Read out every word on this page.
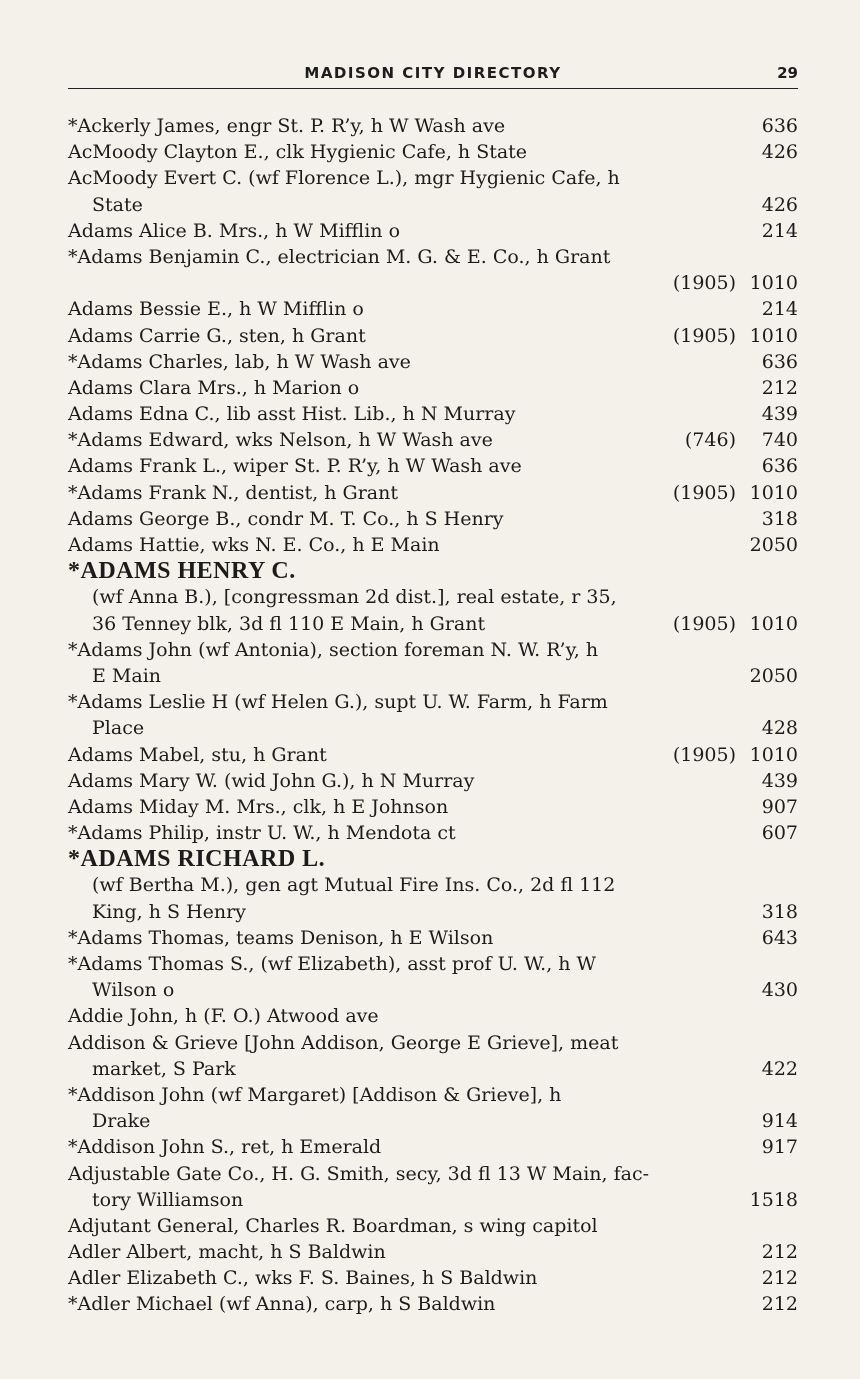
MADISON CITY DIRECTORY	29
*Ackerly James, engr St. P. R’y, h W Wash ave	636
AcMoody Clayton E., clk Hygienic Cafe, h State	426
AcMoody Evert C. (wf Florence L.), mgr Hygienic Cafe, h
State	426
Adams Alice B. Mrs., h W Mifflin o	214
*Adams Benjamin C., electrician M. G. & E. Co., h Grant
(1905) 1010
Adams Bessie E., h W Mifflin o	214
Adams Carrie G., sten, h Grant	(1905) 1010
*Adams Charles, lab, h W Wash ave	636
Adams Clara Mrs., h Marion o	212
Adams Edna C., lib asst Hist. Lib., h N Murray	439
*Adams Edward, wks Nelson, h W Wash ave	(746) 740
Adams Frank L., wiper St. P. R’y, h W Wash ave	636
*Adams Frank N., dentist, h Grant	(1905) 1010
Adams George B., condr M. T. Co., h S Henry	318
Adams Hattie, wks N. E. Co., h E Main	2050
*ADAMS HENRY C.
(wf Anna B.), [congressman 2d dist.], real estate, r 35,
36 Tenney blk, 3d fl 110 E Main, h Grant	(1905) 1010
*Adams John (wf Antonia), section foreman N. W. R’y, h
E Main	2050
*Adams Leslie H (wf Helen G.), supt U. W. Farm, h Farm
Place	428
Adams Mabel, stu, h Grant	(1905) 1010
Adams Mary W. (wid John G.), h N Murray	439
Adams Miday M. Mrs., clk, h E Johnson	907
*Adams Philip, instr U. W., h Mendota ct	607
*ADAMS RICHARD L.
(wf Bertha M.), gen agt Mutual Fire Ins. Co., 2d fl 112
King, h S Henry	318
*Adams Thomas, teams Denison, h E Wilson	643
*Adams Thomas S., (wf Elizabeth), asst prof U. W., h W
Wilson o	430
Addie John, h (F. O.) Atwood ave
Addison & Grieve [John Addison, George E Grieve], meat
market, S Park	422
*Addison John (wf Margaret) [Addison & Grieve], h
Drake	914
*Addison John S., ret, h Emerald	917
Adjustable Gate Co., H. G. Smith, secy, 3d fl 13 W Main, fac-
tory Williamson	1518
Adjutant General, Charles R. Boardman, s wing capitol
Adler Albert, macht, h S Baldwin	212
Adler Elizabeth C., wks F. S. Baines, h S Baldwin	212
*Adler Michael (wf Anna), carp, h S Baldwin	212
